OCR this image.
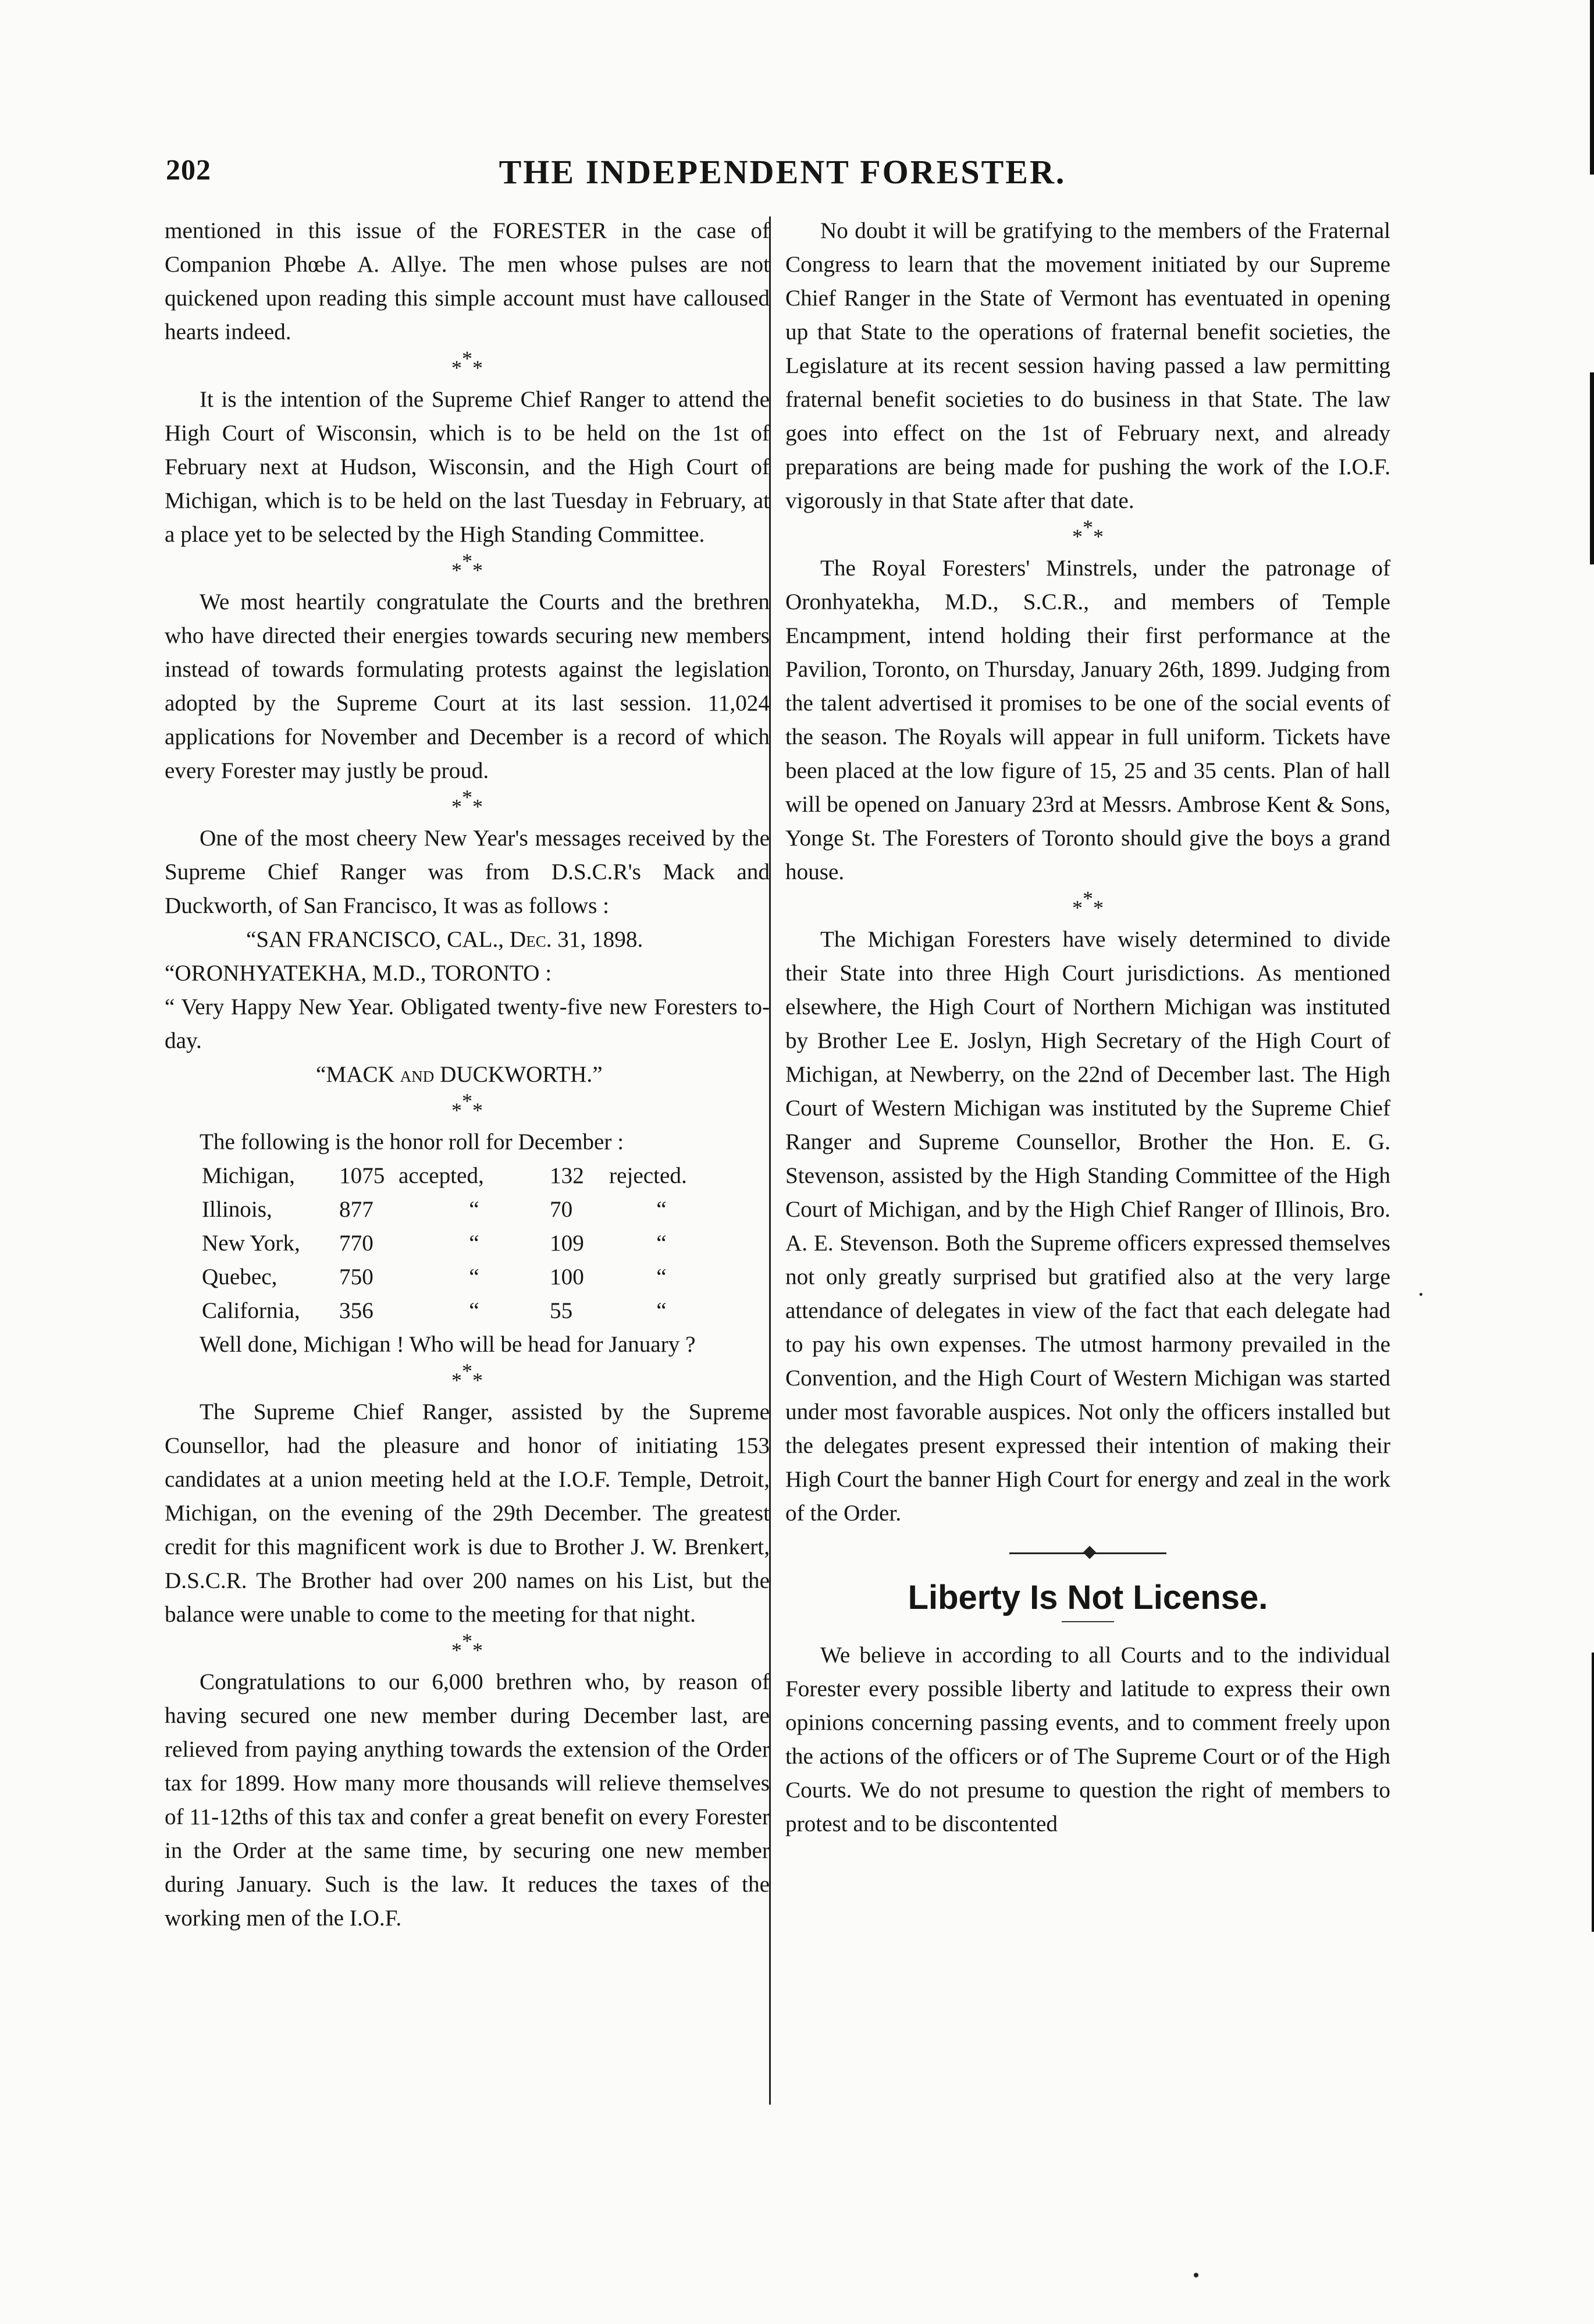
202	THE INDEPENDENT FORESTER.

mentioned in this issue of the FORESTER in the case of Companion Phœbe A. Allye. The men whose pulses are not quickened upon reading this simple account must have calloused hearts indeed.

***

It is the intention of the Supreme Chief Ranger to attend the High Court of Wisconsin, which is to be held on the 1st of February next at Hudson, Wisconsin, and the High Court of Michigan, which is to be held on the last Tuesday in February, at a place yet to be selected by the High Standing Committee.

***

We most heartily congratulate the Courts and the brethren who have directed their energies towards securing new members instead of towards formulating protests against the legislation adopted by the Supreme Court at its last session. 11,024 applications for November and December is a record of which every Forester may justly be proud.

***

One of the most cheery New Year's messages received by the Supreme Chief Ranger was from D.S.C.R's Mack and Duckworth, of San Francisco, It was as follows :

“SAN FRANCISCO, CAL., Dec. 31, 1898.
“ORONHYATEKHA, M.D., TORONTO :

“ Very Happy New Year. Obligated twenty-five new Foresters to-day.

“MACK and DUCKWORTH.”
***

The following is the honor roll for December :

Michigan,	1075	accepted,	132	rejected.
Illinois,	877	“	70	“
New York,	770	“	109	“
Quebec,	750	“	100	“
California,	356	“	55	“

Well done, Michigan ! Who will be head for January ?

***

The Supreme Chief Ranger, assisted by the Supreme Counsellor, had the pleasure and honor of initiating 153 candidates at a union meeting held at the I.O.F. Temple, Detroit, Michigan, on the evening of the 29th December. The greatest credit for this magnificent work is due to Brother J. W. Brenkert, D.S.C.R. The Brother had over 200 names on his List, but the balance were unable to come to the meeting for that night.

***

Congratulations to our 6,000 brethren who, by reason of having secured one new member during December last, are relieved from paying anything towards the extension of the Order tax for 1899. How many more thousands will relieve themselves of 11-12ths of this tax and confer a great benefit on every Forester in the Order at the same time, by securing one new member during January. Such is the law. It reduces the taxes of the working men of the I.O.F.

No doubt it will be gratifying to the members of the Fraternal Congress to learn that the movement initiated by our Supreme Chief Ranger in the State of Vermont has eventuated in opening up that State to the operations of fraternal benefit societies, the Legislature at its recent session having passed a law permitting fraternal benefit societies to do business in that State. The law goes into effect on the 1st of February next, and already preparations are being made for pushing the work of the I.O.F. vigorously in that State after that date.

***

The Royal Foresters' Minstrels, under the patronage of Oronhyatekha, M.D., S.C.R., and members of Temple Encampment, intend holding their first performance at the Pavilion, Toronto, on Thursday, January 26th, 1899. Judging from the talent advertised it promises to be one of the social events of the season. The Royals will appear in full uniform. Tickets have been placed at the low figure of 15, 25 and 35 cents. Plan of hall will be opened on January 23rd at Messrs. Ambrose Kent & Sons, Yonge St. The Foresters of Toronto should give the boys a grand house.

***

The Michigan Foresters have wisely determined to divide their State into three High Court jurisdictions. As mentioned elsewhere, the High Court of Northern Michigan was instituted by Brother Lee E. Joslyn, High Secretary of the High Court of Michigan, at Newberry, on the 22nd of December last. The High Court of Western Michigan was instituted by the Supreme Chief Ranger and Supreme Counsellor, Brother the Hon. E. G. Stevenson, assisted by the High Standing Committee of the High Court of Michigan, and by the High Chief Ranger of Illinois, Bro. A. E. Stevenson. Both the Supreme officers expressed themselves not only greatly surprised but gratified also at the very large attendance of delegates in view of the fact that each delegate had to pay his own expenses. The utmost harmony prevailed in the Convention, and the High Court of Western Michigan was started under most favorable auspices. Not only the officers installed but the delegates present expressed their intention of making their High Court the banner High Court for energy and zeal in the work of the Order.

Liberty Is Not License.

We believe in according to all Courts and to the individual Forester every possible liberty and latitude to express their own opinions concerning passing events, and to comment freely upon the actions of the officers or of The Supreme Court or of the High Courts. We do not presume to question the right of members to protest and to be discontented
